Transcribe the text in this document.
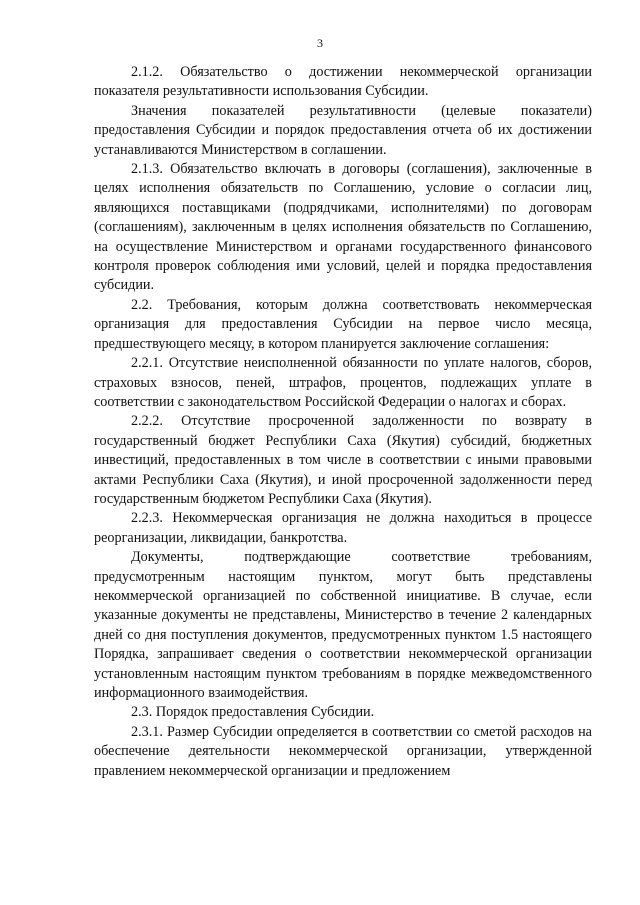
3

2.1.2. Обязательство о достижении некоммерческой организации показателя результативности использования Субсидии.

Значения показателей результативности (целевые показатели) предоставления Субсидии и порядок предоставления отчета об их достижении устанавливаются Министерством в соглашении.

2.1.3. Обязательство включать в договоры (соглашения), заключенные в целях исполнения обязательств по Соглашению, условие о согласии лиц, являющихся поставщиками (подрядчиками, исполнителями) по договорам (соглашениям), заключенным в целях исполнения обязательств по Соглашению, на осуществление Министерством и органами государственного финансового контроля проверок соблюдения ими условий, целей и порядка предоставления субсидии.

2.2. Требования, которым должна соответствовать некоммерческая организация для предоставления Субсидии на первое число месяца, предшествующего месяцу, в котором планируется заключение соглашения:

2.2.1. Отсутствие неисполненной обязанности по уплате налогов, сборов, страховых взносов, пеней, штрафов, процентов, подлежащих уплате в соответствии с законодательством Российской Федерации о налогах и сборах.

2.2.2. Отсутствие просроченной задолженности по возврату в государственный бюджет Республики Саха (Якутия) субсидий, бюджетных инвестиций, предоставленных в том числе в соответствии с иными правовыми актами Республики Саха (Якутия), и иной просроченной задолженности перед государственным бюджетом Республики Саха (Якутия).

2.2.3. Некоммерческая организация не должна находиться в процессе реорганизации, ликвидации, банкротства.

Документы, подтверждающие соответствие требованиям, предусмотренным настоящим пунктом, могут быть представлены некоммерческой организацией по собственной инициативе. В случае, если указанные документы не представлены, Министерство в течение 2 календарных дней со дня поступления документов, предусмотренных пунктом 1.5 настоящего Порядка, запрашивает сведения о соответствии некоммерческой организации установленным настоящим пунктом требованиям в порядке межведомственного информационного взаимодействия.

2.3. Порядок предоставления Субсидии.

2.3.1. Размер Субсидии определяется в соответствии со сметой расходов на обеспечение деятельности некоммерческой организации, утвержденной правлением некоммерческой организации и предложением
